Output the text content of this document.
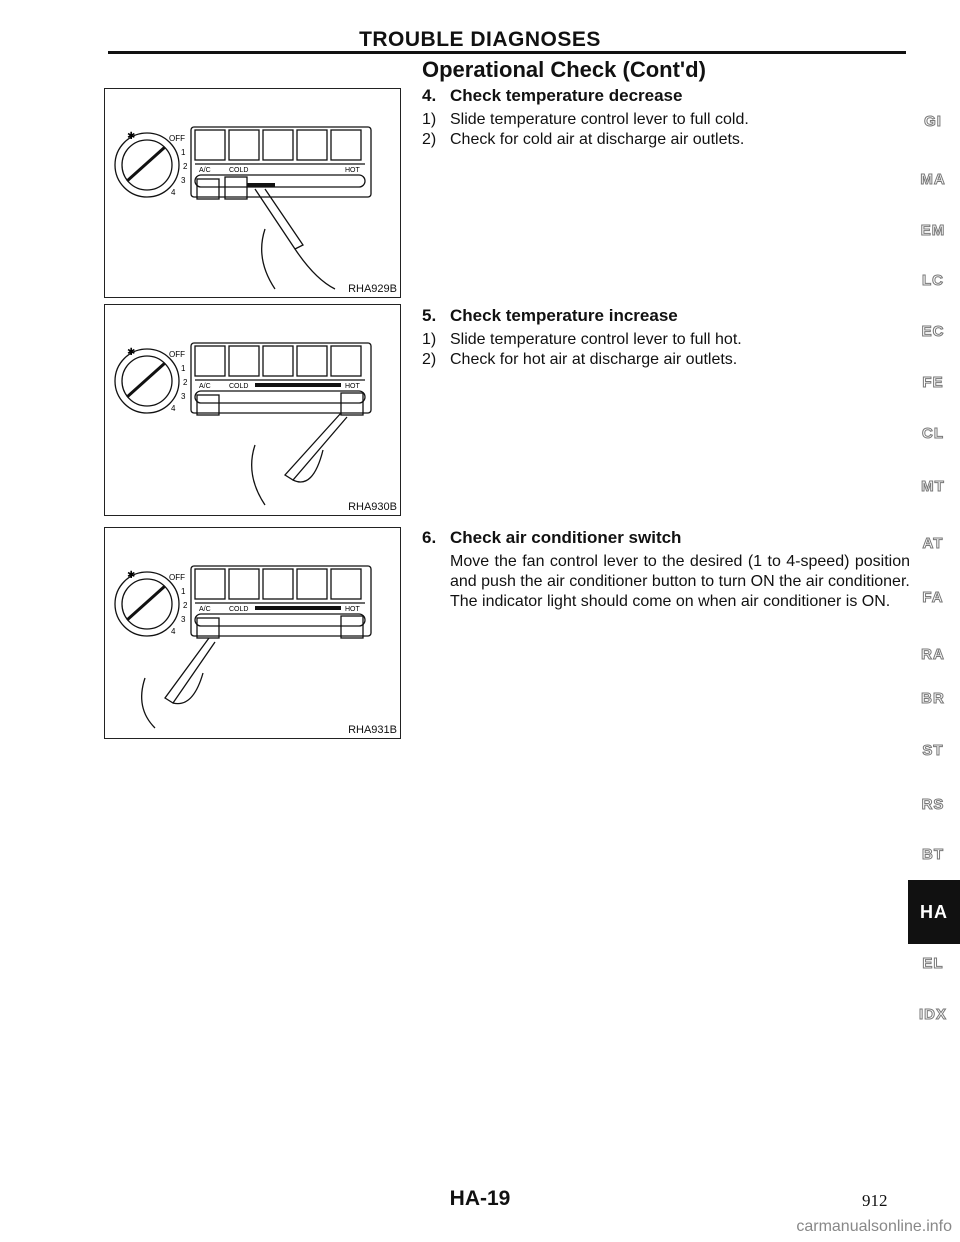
TROUBLE DIAGNOSES
Operational Check (Cont'd)
✱	OFF
1
2
3
4
A/C	COLD	HOT
RHA929B
✱	OFF
1
2
3
4
A/C	COLD	HOT
RHA930B
✱	OFF
1
2
3
4
A/C	COLD	HOT
RHA931B
4. Check temperature decrease
1) Slide temperature control lever to full cold.
2) Check for cold air at discharge air outlets.
5. Check temperature increase
1) Slide temperature control lever to full hot.
2) Check for hot air at discharge air outlets.
6. Check air conditioner switch
Move the fan control lever to the desired (1 to 4-speed) position and push the air conditioner button to turn ON the air conditioner.
The indicator light should come on when air conditioner is ON.
GI
MA
EM
LC
EC
FE
CL
MT
AT
FA
RA
BR
ST
RS
BT
HA
EL
IDX
HA-19	912
carmanualsonline.info
